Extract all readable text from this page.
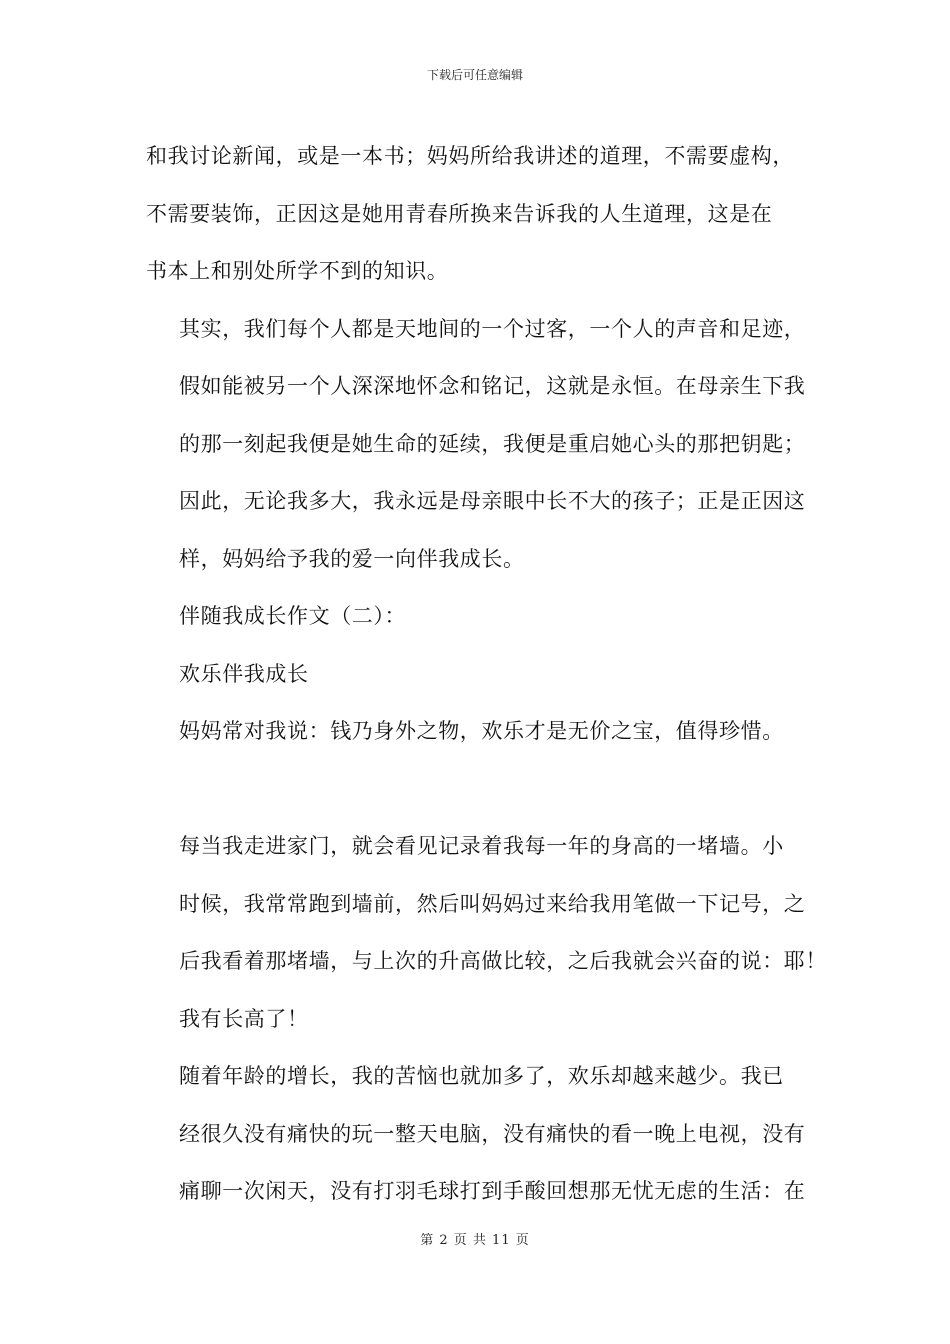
下载后可任意编辑

和我讨论新闻，或是一本书；妈妈所给我讲述的道理，不需要虚构，
不需要装饰，正因这是她用青春所换来告诉我的人生道理，这是在
书本上和别处所学不到的知识。

其实，我们每个人都是天地间的一个过客，一个人的声音和足迹，
假如能被另一个人深深地怀念和铭记，这就是永恒。在母亲生下我
的那一刻起我便是她生命的延续，我便是重启她心头的那把钥匙；
因此，无论我多大，我永远是母亲眼中长不大的孩子；正是正因这
样，妈妈给予我的爱一向伴我成长。

伴随我成长作文（二）：

欢乐伴我成长

妈妈常对我说：钱乃身外之物，欢乐才是无价之宝，值得珍惜。

每当我走进家门，就会看见记录着我每一年的身高的一堵墙。小
时候，我常常跑到墙前，然后叫妈妈过来给我用笔做一下记号，之
后我看着那堵墙，与上次的升高做比较，之后我就会兴奋的说：耶！
我有长高了！

随着年龄的增长，我的苦恼也就加多了，欢乐却越来越少。我已
经很久没有痛快的玩一整天电脑，没有痛快的看一晚上电视，没有
痛聊一次闲天，没有打羽毛球打到手酸回想那无忧无虑的生活：在

第 2 页 共 11 页
